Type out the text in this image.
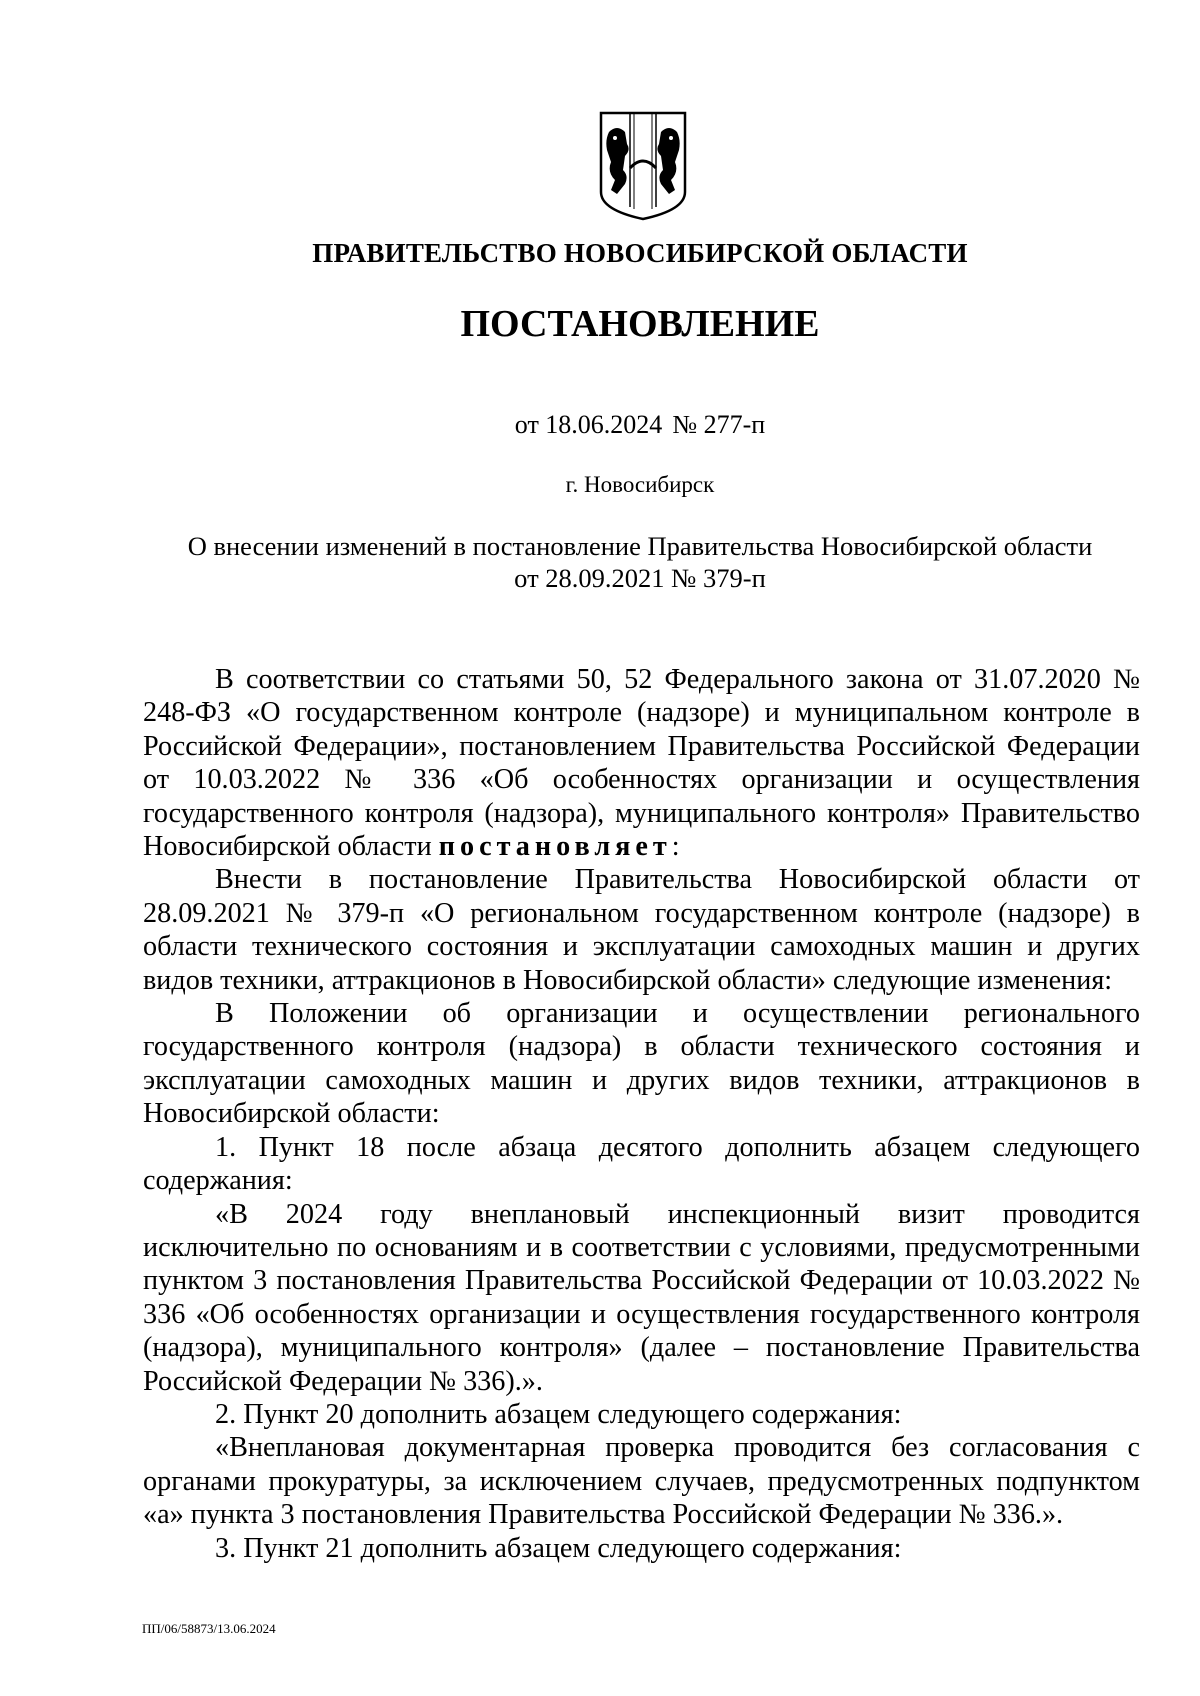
ПРАВИТЕЛЬСТВО НОВОСИБИРСКОЙ ОБЛАСТИ
ПОСТАНОВЛЕНИЕ
от 18.06.2024 № 277-п
г. Новосибирск
О внесении изменений в постановление Правительства Новосибирской области
от 28.09.2021 № 379-п

В соответствии со статьями 50, 52 Федерального закона от 31.07.2020 № 248-ФЗ «О государственном контроле (надзоре) и муниципальном контроле в Российской Федерации», постановлением Правительства Российской Федерации от 10.03.2022 № 336 «Об особенностях организации и осуществления государственного контроля (надзора), муниципального контроля» Правительство Новосибирской области постановляет:

Внести в постановление Правительства Новосибирской области от 28.09.2021 № 379-п «О региональном государственном контроле (надзоре) в области технического состояния и эксплуатации самоходных машин и других видов техники, аттракционов в Новосибирской области» следующие изменения:

В Положении об организации и осуществлении регионального государственного контроля (надзора) в области технического состояния и эксплуатации самоходных машин и других видов техники, аттракционов в Новосибирской области:

1. Пункт 18 после абзаца десятого дополнить абзацем следующего содержания:

«В 2024 году внеплановый инспекционный визит проводится исключительно по основаниям и в соответствии с условиями, предусмотренными пунктом 3 постановления Правительства Российской Федерации от 10.03.2022 № 336 «Об особенностях организации и осуществления государственного контроля (надзора), муниципального контроля» (далее – постановление Правительства Российской Федерации № 336).».

2. Пункт 20 дополнить абзацем следующего содержания:

«Внеплановая документарная проверка проводится без согласования с органами прокуратуры, за исключением случаев, предусмотренных подпунктом «а» пункта 3 постановления Правительства Российской Федерации № 336.».

3. Пункт 21 дополнить абзацем следующего содержания:

ПП/06/58873/13.06.2024
